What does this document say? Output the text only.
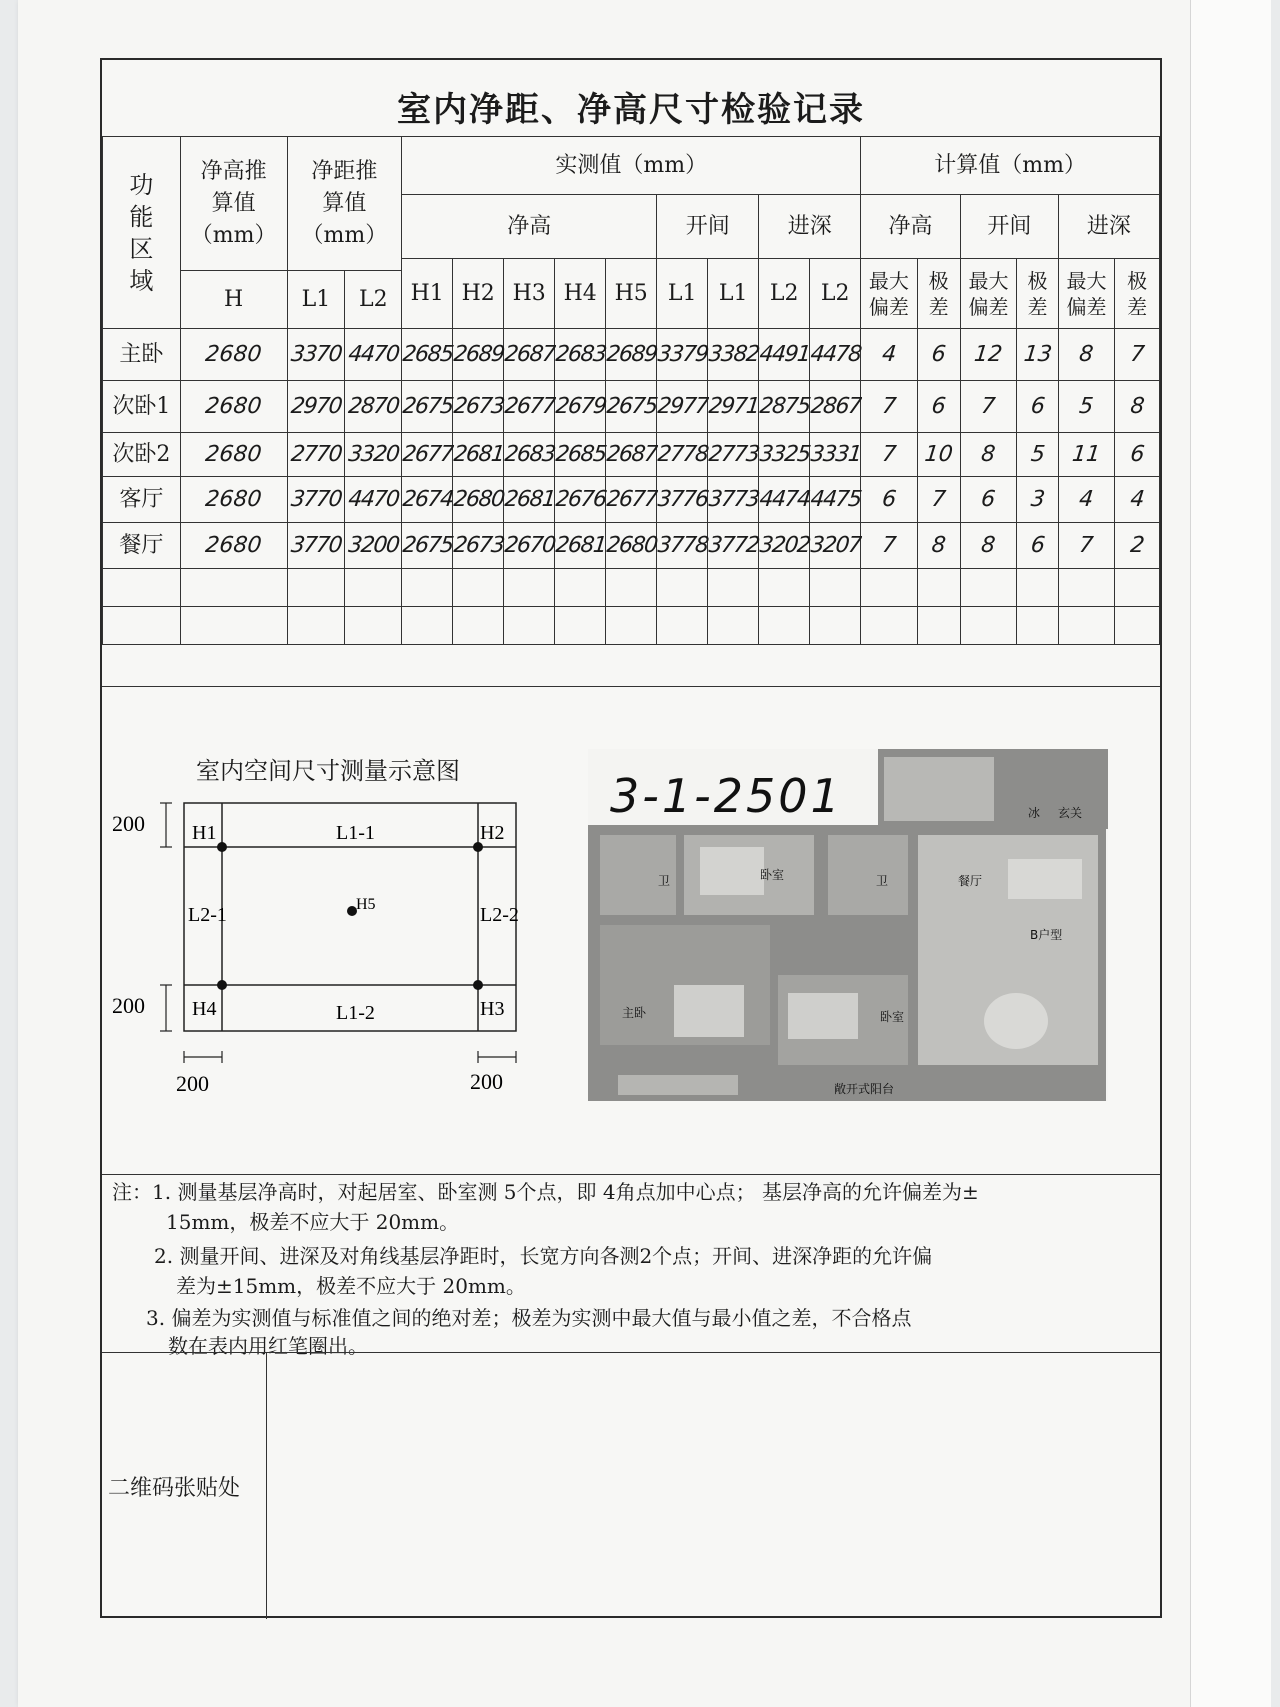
室内净距、净高尺寸检验记录
功能区域	净高推算值（mm）	净距推算值（mm）		实测值（mm）									计算值（mm）					
				净高					开间		进深		净高		开间		进深	
				H1	H2	H3	H4	H5	L1	L1	L2	L2	最大偏差	极差	最大偏差	极差	最大偏差	极差
	H	L1	L2															
主卧	2680	3370	4470	2685	2689	2687	2683	2689	3379	3382	4491	4478	4	6	12	13	8	7
次卧1	2680	2970	2870	2675	2673	2677	2679	2675	2977	2971	2875	2867	7	6	7	6	5	8
次卧2	2680	2770	3320	2677	2681	2683	2685	2687	2778	2773	3325	3331	7	10	8	5	11	6
客厅	2680	3770	4470	2674	2680	2681	2676	2677	3776	3773	4474	4475	6	7	6	3	4	4
餐厅	2680	3770	3200	2675	2673	2670	2681	2680	3778	3772	3202	3207	7	8	8	6	7	2

室内空间尺寸测量示意图
200
200
200	200
H1	H2
H3
H4
H5
L1-1
L1-2
L2-1	L2-2
卫	卧室	卫	餐厅
冰 玄关
B户型
主卧	卧室
敞开式阳台
3-1-2501
注：1. 测量基层净高时，对起居室、卧室测 5个点，即 4角点加中心点； 基层净高的允许偏差为±
15mm，极差不应大于 20mm。
2. 测量开间、进深及对角线基层净距时，长宽方向各测2个点；开间、进深净距的允许偏
差为±15mm，极差不应大于 20mm。
3. 偏差为实测值与标准值之间的绝对差；极差为实测中最大值与最小值之差，不合格点
数在表内用红笔圈出。
二维码张贴处
